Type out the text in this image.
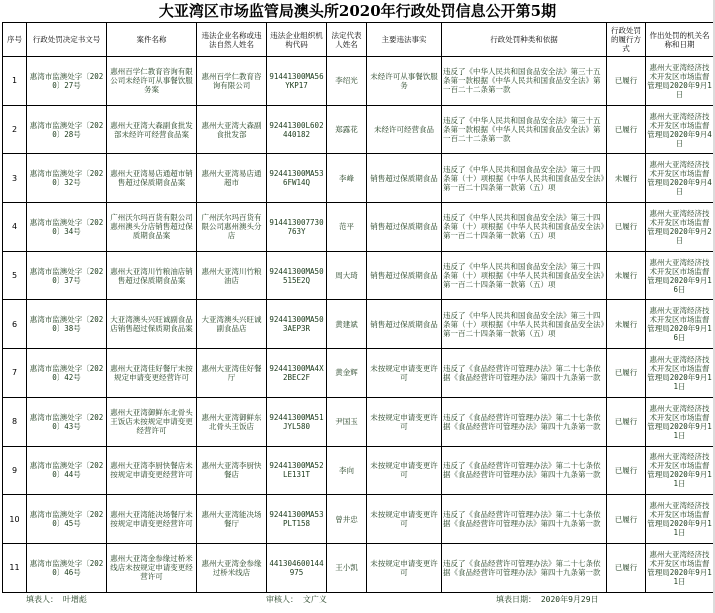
大亚湾区市场监管局澳头所2020年行政处罚信息公开第5期
序号	行政处罚决定书文号	案件名称	违法企业名称或违法自然人姓名	违法企业组织机构代码	法定代表人姓名	主要违法事实	行政处罚种类和依据	行政处罚的履行方式	作出处罚的机关名称和日期
1	惠湾市监澳处字〔2020〕27号	惠州百学仁教育咨询有限公司未经许可从事餐饮服务案	惠州百学仁教育咨询有限公司	91441300MA56YKP17	李绍光	未经许可从事餐饮服务	违反了《中华人民共和国食品安全法》第三十五条第一款根据《中华人民共和国食品安全法》第一百二十二条第一款	已履行	惠州大亚湾经济技术开发区市场监督管理局2020年9月1日
2	惠湾市监澳处字〔2020〕28号	惠州大亚湾大森副食批发部未经许可经营食品案	惠州大亚湾大森副食批发部	92441300L602440182	郑露花	未经许可经营食品	违反了《中华人民共和国食品安全法》第三十五条第一款根据《中华人民共和国食品安全法》第一百二十二条第一款	已履行	惠州大亚湾经济技术开发区市场监督管理局2020年9月4日
3	惠湾市监澳处字〔2020〕32号	惠州大亚湾易店通超市销售超过保质期食品案	惠州大亚湾易店通超市	92441300MA536FW14Q	李峰	销售超过保质期食品	违反了《中华人民共和国食品安全法》第三十四条第（十）项根据《中华人民共和国食品安全法》第一百二十四条第一款第（五）项	未履行	惠州大亚湾经济技术开发区市场监督管理局2020年9月4日
4	惠湾市监澳处字〔2020〕34号	广州沃尔玛百货有限公司惠州澳头分店销售超过保质期食品案	广州沃尔玛百货有限公司惠州澳头分店	914413007730763Y	范平	销售超过保质期食品	违反了《中华人民共和国食品安全法》第三十四条第（十）项根据《中华人民共和国食品安全法》第一百二十四条第一款第（五）项	已履行	惠州大亚湾经济技术开发区市场监督管理局2020年9月2日
5	惠湾市监澳处字〔2020〕37号	惠州大亚湾川竹粮油店销售超过保质期食品案	惠州大亚湾川竹粮油店	92441300MA50515E2Q	周大琦	销售超过保质期食品	违反了《中华人民共和国食品安全法》第三十四条第（十）项根据《中华人民共和国食品安全法》第一百二十四条第一款第（五）项	未履行	惠州大亚湾经济技术开发区市场监督管理局2020年9月16日
6	惠湾市监澳处字〔2020〕38号	大亚湾澳头兴旺诚副食品店销售超过保质期食品案	大亚湾澳头兴旺诚副食品店	92441300MA503AEP3R	黄建斌	销售超过保质期食品	违反了《中华人民共和国食品安全法》第三十四条第（十）项根据《中华人民共和国食品安全法》第一百二十四条第一款第（五）项	未履行	惠州大亚湾经济技术开发区市场监督管理局2020年9月16日
7	惠湾市监澳处字〔2020〕42号	惠州大亚湾佳好餐厅未按规定申请变更经营许可	惠州大亚湾佳好餐厅	92441300MA4X2BEC2F	黄金辉	未按规定申请变更许可	违反了《食品经营许可管理办法》第二十七条依据《食品经营许可管理办法》第四十九条第一款	已履行	惠州大亚湾经济技术开发区市场监督管理局2020年9月11日
8	惠湾市监澳处字〔2020〕43号	惠州大亚湾御鲜东北骨头王饭店未按规定申请变更经营许可	惠州大亚湾御鲜东北骨头王饭店	92441300MA51JYL580	尹国玉	未按规定申请变更许可	违反了《食品经营许可管理办法》第二十七条依据《食品经营许可管理办法》第四十九条第一款	已履行	惠州大亚湾经济技术开发区市场监督管理局2020年9月11日
9	惠湾市监澳处字〔2020〕44号	惠州大亚湾李厨快餐店未按规定申请变更经营许可	惠州大亚湾李厨快餐店	92441300MA52LE131T	李向	未按规定申请变更许可	违反了《食品经营许可管理办法》第二十七条依据《食品经营许可管理办法》第四十九条第一款	已履行	惠州大亚湾经济技术开发区市场监督管理局2020年9月11日
10	惠湾市监澳处字〔2020〕45号	惠州大亚湾能决场餐厅未按规定申请变更经营许可	惠州大亚湾能决场餐厅	92441300MA53PLT158	曾井忠	未按规定申请变更许可	违反了《食品经营许可管理办法》第二十七条依据《食品经营许可管理办法》第四十九条第一款	已履行	惠州大亚湾经济技术开发区市场监督管理局2020年9月11日
11	惠湾市监澳处字〔2020〕46号	惠州大亚湾金参缘过桥米线店未按规定申请变更经营许可	惠州大亚湾金参缘过桥米线店	441304600144975	王小凯	未按规定申请变更许可	违反了《食品经营许可管理办法》第二十七条依据《食品经营许可管理办法》第四十九条第一款	已履行	惠州大亚湾经济技术开发区市场监督管理局2020年9月11日
填表人： 叶增彪	审核人： 文广义	填表日期： 2020年9月29日
